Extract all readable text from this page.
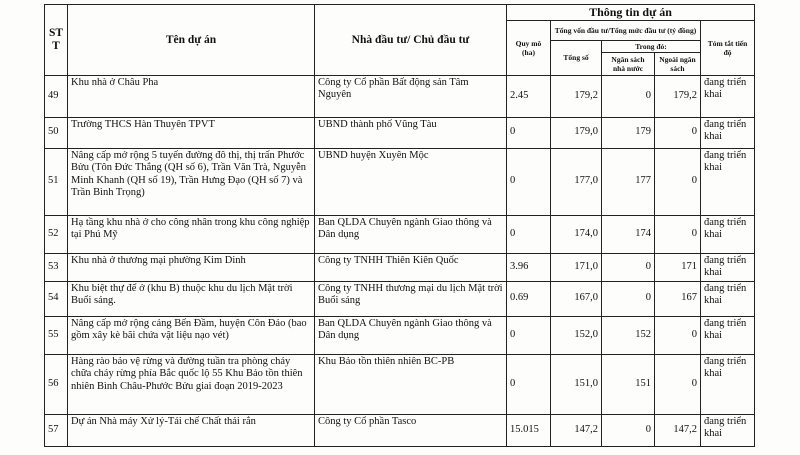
ST T	Tên dự án	Nhà đầu tư/ Chủ đầu tư	Thông tin dự án				
			Quy mô (ha)	Tổng vốn đầu tư/Tổng mức đầu tư (tỷ đồng)			Tóm tắt tiến độ
				Tổng số	Trong đó:		
					Ngân sách nhà nước	Ngoài ngân sách	
49	Khu nhà ở Châu Pha	Công ty Cổ phần Bất động sản Tâm Nguyên	2.45	179,2	0	179,2	đang triển khai
50	Trường THCS Hàn Thuyên TPVT	UBND thành phố Vũng Tàu	0	179,0	179	0	đang triển khai
51	Nâng cấp mở rộng 5 tuyến đường đô thị, thị trấn Phước Bửu (Tôn Đức Thắng (QH số 6), Trần Văn Trà, Nguyễn Minh Khanh (QH số 19), Trần Hưng Đạo (QH số 7) và Trần Bình Trọng)	UBND huyện Xuyên Mộc	0	177,0	177	0	đang triển khai
52	Hạ tầng khu nhà ở cho công nhân trong khu công nghiệp tại Phú Mỹ	Ban QLDA Chuyên ngành Giao thông và Dân dụng	0	174,0	174	0	đang triển khai
53	Khu nhà ở thương mại phường Kim Dinh	Công ty TNHH Thiên Kiên Quốc	3.96	171,0	0	171	đang triển khai
54	Khu biệt thự để ở (khu B) thuộc khu du lịch Mặt trời Buổi sáng.	Công ty TNHH thương mại du lịch Mặt trời Buổi sáng	0.69	167,0	0	167	đang triển khai
55	Nâng cấp mở rộng cảng Bến Đầm, huyện Côn Đảo (bao gồm xây kè bãi chứa vật liệu nạo vét)	Ban QLDA Chuyên ngành Giao thông và Dân dụng	0	152,0	152	0	đang triển khai
56	Hàng rào bảo vệ rừng và đường tuần tra phòng cháy chữa cháy rừng phía Bắc quốc lộ 55 Khu Bảo tồn thiên nhiên Bình Châu-Phước Bửu giai đoạn 2019-2023	Khu Bảo tồn thiên nhiên BC-PB	0	151,0	151	0	đang triển khai
57	Dự án Nhà máy Xử lý-Tái chế Chất thải rắn	Công ty Cổ phần Tasco	15.015	147,2	0	147,2	đang triển khai
